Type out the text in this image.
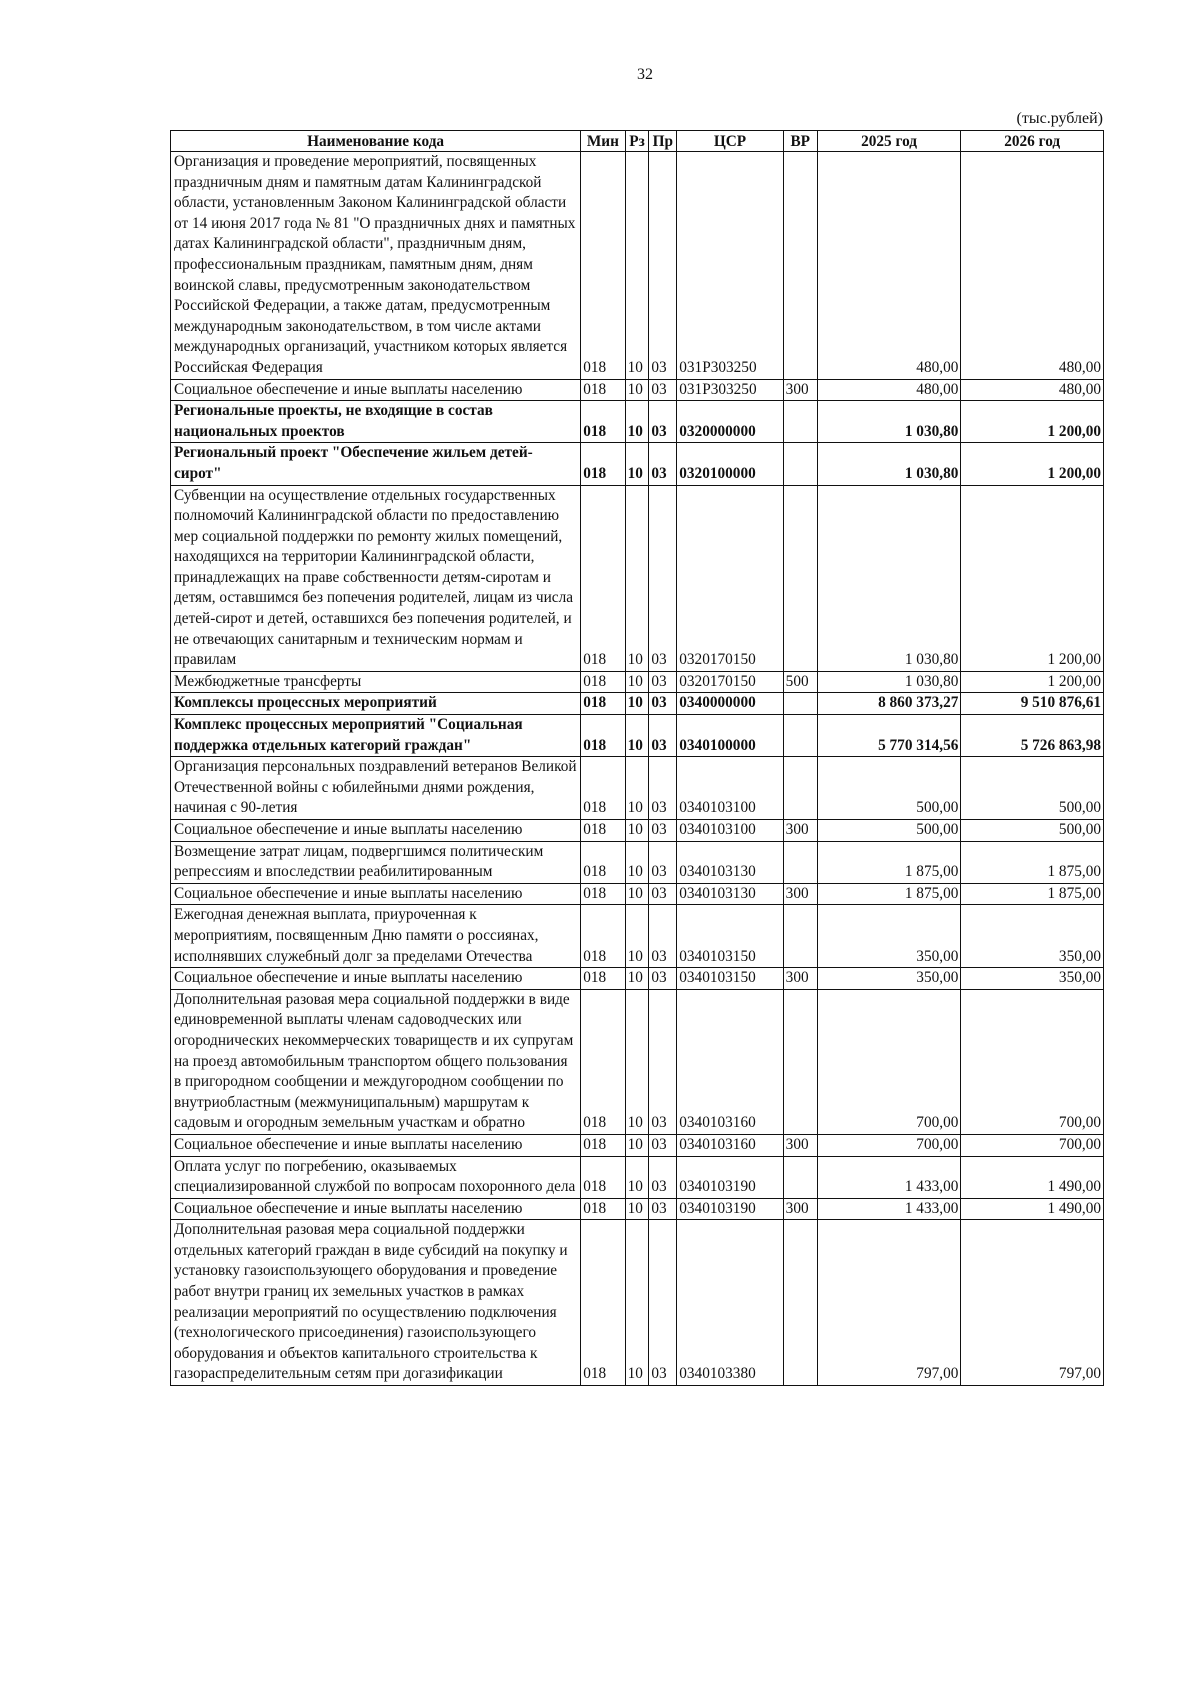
32
(тыс.рублей)
Наименование кода	Мин	Рз	Пр	ЦСР	ВР	2025 год	2026 год
Организация и проведение мероприятий, посвященных праздничным дням и памятным датам Калининградской области, установленным Законом Калининградской области от 14 июня 2017 года № 81 "О праздничных днях и памятных датах Калининградской области", праздничным дням, профессиональным праздникам, памятным дням, дням воинской славы, предусмотренным законодательством Российской Федерации, а также датам, предусмотренным международным законодательством, в том числе актами международных организаций, участником которых является Российская Федерация	018	10	03	031P303250		480,00	480,00
Социальное обеспечение и иные выплаты населению	018	10	03	031P303250	300	480,00	480,00
Региональные проекты, не входящие в состав национальных проектов	018	10	03	0320000000		1 030,80	1 200,00
Региональный проект "Обеспечение жильем детей-сирот"	018	10	03	0320100000		1 030,80	1 200,00
Субвенции на осуществление отдельных государственных полномочий Калининградской области по предоставлению мер социальной поддержки по ремонту жилых помещений, находящихся на территории Калининградской области, принадлежащих на праве собственности детям-сиротам и детям, оставшимся без попечения родителей, лицам из числа детей-сирот и детей, оставшихся без попечения родителей, и не отвечающих санитарным и техническим нормам и правилам	018	10	03	0320170150		1 030,80	1 200,00
Межбюджетные трансферты	018	10	03	0320170150	500	1 030,80	1 200,00
Комплексы процессных мероприятий	018	10	03	0340000000		8 860 373,27	9 510 876,61
Комплекс процессных мероприятий "Социальная поддержка отдельных категорий граждан"	018	10	03	0340100000		5 770 314,56	5 726 863,98
Организация персональных поздравлений ветеранов Великой Отечественной войны с юбилейными днями рождения, начиная с 90-летия	018	10	03	0340103100		500,00	500,00
Социальное обеспечение и иные выплаты населению	018	10	03	0340103100	300	500,00	500,00
Возмещение затрат лицам, подвергшимся политическим репрессиям и впоследствии реабилитированным	018	10	03	0340103130		1 875,00	1 875,00
Социальное обеспечение и иные выплаты населению	018	10	03	0340103130	300	1 875,00	1 875,00
Ежегодная денежная выплата, приуроченная к мероприятиям, посвященным Дню памяти о россиянах, исполнявших служебный долг за пределами Отечества	018	10	03	0340103150		350,00	350,00
Социальное обеспечение и иные выплаты населению	018	10	03	0340103150	300	350,00	350,00
Дополнительная разовая мера социальной поддержки в виде единовременной выплаты членам садоводческих или огороднических некоммерческих товариществ и их супругам на проезд автомобильным транспортом общего пользования в пригородном сообщении и междугородном сообщении по внутриобластным (межмуниципальным) маршрутам к садовым и огородным земельным участкам и обратно	018	10	03	0340103160		700,00	700,00
Социальное обеспечение и иные выплаты населению	018	10	03	0340103160	300	700,00	700,00
Оплата услуг по погребению, оказываемых специализированной службой по вопросам похоронного дела	018	10	03	0340103190		1 433,00	1 490,00
Социальное обеспечение и иные выплаты населению	018	10	03	0340103190	300	1 433,00	1 490,00
Дополнительная разовая мера социальной поддержки отдельных категорий граждан в виде субсидий на покупку и установку газоиспользующего оборудования и проведение работ внутри границ их земельных участков в рамках реализации мероприятий по осуществлению подключения (технологического присоединения) газоиспользующего оборудования и объектов капитального строительства к газораспределительным сетям при догазификации	018	10	03	0340103380		797,00	797,00
